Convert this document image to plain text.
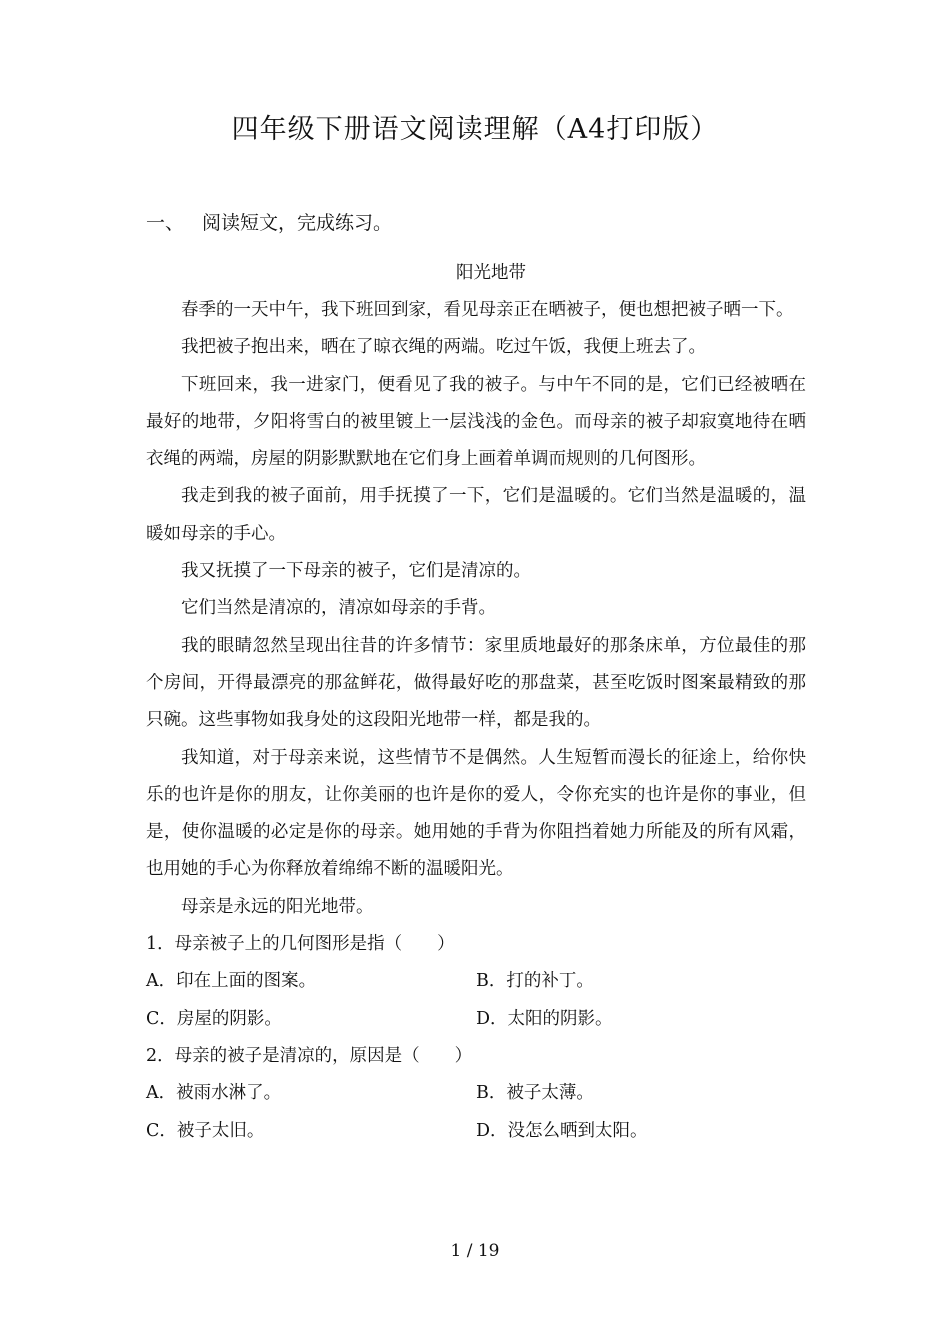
四年级下册语文阅读理解（A4打印版）
一、 阅读短文，完成练习。
阳光地带

春季的一天中午，我下班回到家，看见母亲正在晒被子，便也想把被子晒一下。

我把被子抱出来，晒在了晾衣绳的两端。吃过午饭，我便上班去了。

下班回来，我一进家门，便看见了我的被子。与中午不同的是，它们已经被晒在最好的地带，夕阳将雪白的被里镀上一层浅浅的金色。而母亲的被子却寂寞地待在晒衣绳的两端，房屋的阴影默默地在它们身上画着单调而规则的几何图形。

我走到我的被子面前，用手抚摸了一下，它们是温暖的。它们当然是温暖的，温暖如母亲的手心。

我又抚摸了一下母亲的被子，它们是清凉的。

它们当然是清凉的，清凉如母亲的手背。

我的眼睛忽然呈现出往昔的许多情节：家里质地最好的那条床单，方位最佳的那个房间，开得最漂亮的那盆鲜花，做得最好吃的那盘菜，甚至吃饭时图案最精致的那只碗。这些事物如我身处的这段阳光地带一样，都是我的。

我知道，对于母亲来说，这些情节不是偶然。人生短暂而漫长的征途上，给你快乐的也许是你的朋友，让你美丽的也许是你的爱人，令你充实的也许是你的事业，但是，使你温暖的必定是你的母亲。她用她的手背为你阻挡着她力所能及的所有风霜，也用她的手心为你释放着绵绵不断的温暖阳光。

母亲是永远的阳光地带。

1．母亲被子上的几何图形是指（　　）

A．印在上面的图案。	B．打的补丁。
C．房屋的阴影。	D．太阳的阴影。

2．母亲的被子是清凉的，原因是（　　）

A．被雨水淋了。	B．被子太薄。
C．被子太旧。	D．没怎么晒到太阳。
1 / 19
